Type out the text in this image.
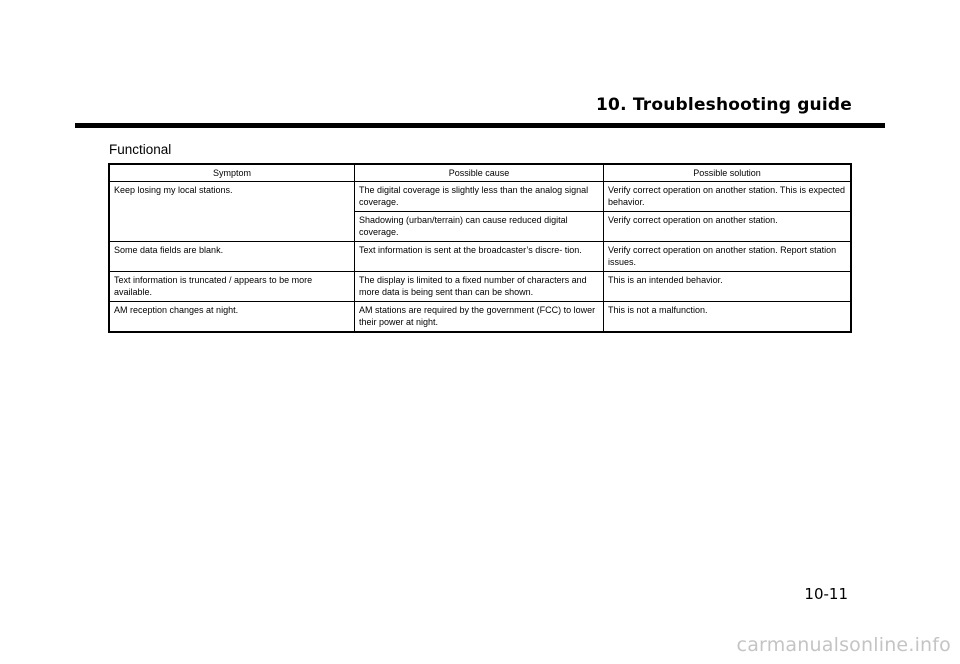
10. Troubleshooting guide
Functional
Symptom	Possible cause	Possible solution
Keep losing my local stations.	The digital coverage is slightly less than the analog signal coverage.	Verify correct operation on another station. This is expected behavior.
	Shadowing (urban/terrain) can cause reduced digital coverage.	Verify correct operation on another station.
Some data fields are blank.	Text information is sent at the broadcaster’s discre- tion.	Verify correct operation on another station. Report station issues.
Text information is truncated / appears to be more available.	The display is limited to a fixed number of characters and more data is being sent than can be shown.	This is an intended behavior.
AM reception changes at night.	AM stations are required by the government (FCC) to lower their power at night.	This is not a malfunction.
10-11
carmanualsonline.info
